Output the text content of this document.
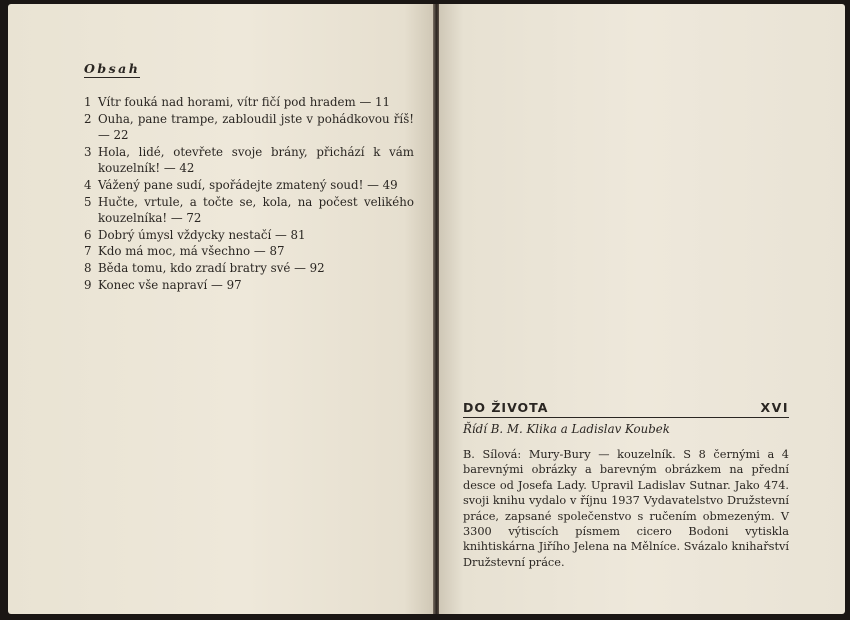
Obsah
1 Vítr fouká nad horami, vítr fičí pod hradem — 11
2 Ouha, pane trampe, zabloudil jste v pohádkovou říš! — 22
3 Hola, lidé, otevřete svoje brány, přichází k vám kouzelník! — 42
4 Vážený pane sudí, spořádejte zmatený soud! — 49
5 Hučte, vrtule, a točte se, kola, na počest velikého kouzelníka! — 72
6 Dobrý úmysl vždycky nestačí — 81
7 Kdo má moc, má všechno — 87
8 Běda tomu, kdo zradí bratry své — 92
9 Konec vše napraví — 97
DO ŽIVOTA	XVI
Řídí B. M. Klika a Ladislav Koubek

B. Sílová: Mury-Bury — kouzelník. S 8 černými a 4 barevnými obrázky a barevným obrázkem na přední desce od Josefa Lady. Upravil Ladislav Sutnar. Jako 474. svoji knihu vydalo v říjnu 1937 Vydavatelstvo Družstevní práce, zapsané společenstvo s ručením obmezeným. V 3300 výtiscích písmem cicero Bodoni vytiskla knihtiskárna Jiřího Jelena na Mělníce. Svázalo knihařství Družstevní práce.
